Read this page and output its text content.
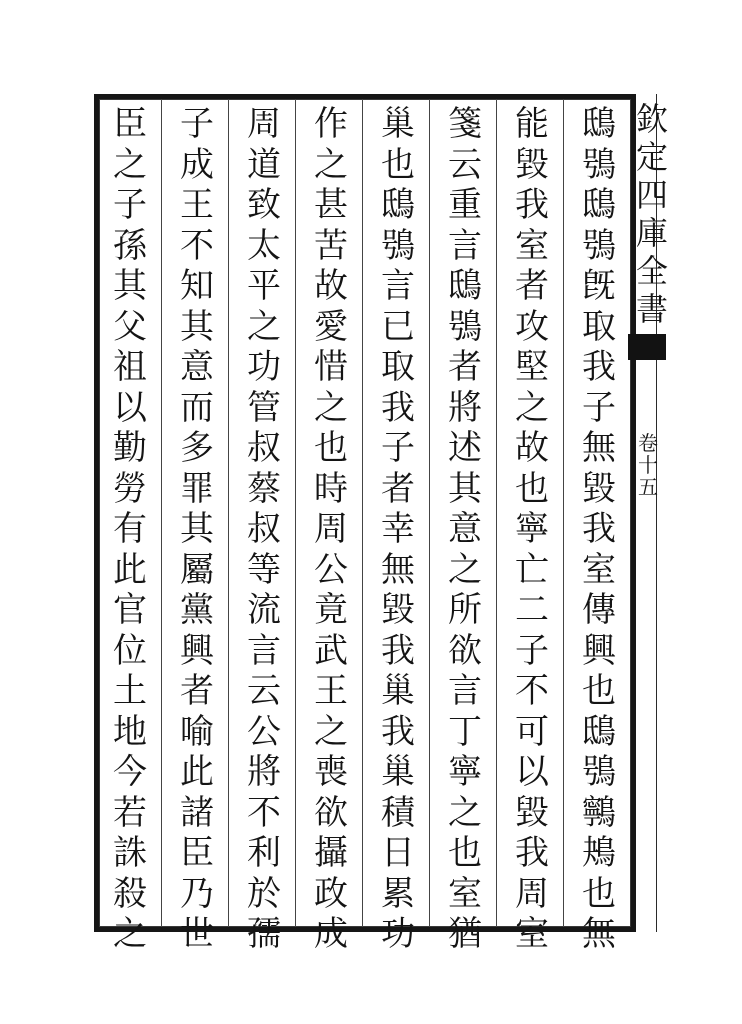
欽定四庫全書
卷十五
鴟鴞鴟鴞旣取我子無毀我室傳興也鴟鴞鸋鴂也無
能毀我室者攻堅之故也寧亡二子不可以毀我周室
箋云重言鴟鴞者將述其意之所欲言丁寧之也室猶
巢也鴟鴞言已取我子者幸無毀我巢我巢積日累功
作之甚苦故愛惜之也時周公竟武王之喪欲攝政成
周道致太平之功管叔蔡叔等流言云公將不利於孺
子成王不知其意而多罪其屬黨興者喻此諸臣乃世
臣之子孫其父祖以勤勞有此官位土地今若誅殺之
